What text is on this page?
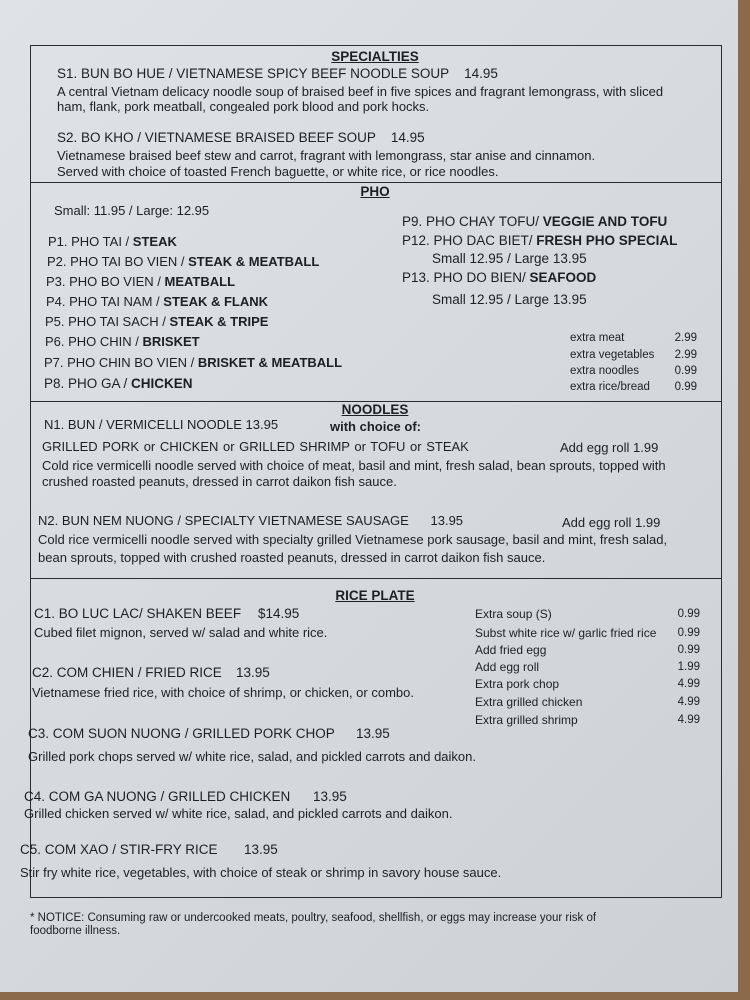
SPECIALTIES
S1. BUN BO HUE / VIETNAMESE SPICY BEEF NOODLE SOUP 14.95
A central Vietnam delicacy noodle soup of braised beef in five spices and fragrant lemongrass, with sliced
ham, flank, pork meatball, congealed pork blood and pork hocks.
S2. BO KHO / VIETNAMESE BRAISED BEEF SOUP 14.95
Vietnamese braised beef stew and carrot, fragrant with lemongrass, star anise and cinnamon.
Served with choice of toasted French baguette, or white rice, or rice noodles.
PHO
Small: 11.95 / Large: 12.95
P1. PHO TAI / STEAK
P2. PHO TAI BO VIEN / STEAK & MEATBALL
P3. PHO BO VIEN / MEATBALL
P4. PHO TAI NAM / STEAK & FLANK
P5. PHO TAI SACH / STEAK & TRIPE
P6. PHO CHIN / BRISKET
P7. PHO CHIN BO VIEN / BRISKET & MEATBALL
P8. PHO GA / CHICKEN
P9. PHO CHAY TOFU/ VEGGIE AND TOFU
P12. PHO DAC BIET/ FRESH PHO SPECIAL
Small 12.95 / Large 13.95
P13. PHO DO BIEN/ SEAFOOD
Small 12.95 / Large 13.95
extra meat	2.99
extra vegetables	2.99
extra noodles	0.99
extra rice/bread	0.99
NOODLES
N1. BUN / VERMICELLI NOODLE 13.95	with choice of:
GRILLED PORK or CHICKEN or GRILLED SHRIMP or TOFU or STEAK	Add egg roll 1.99
Cold rice vermicelli noodle served with choice of meat, basil and mint, fresh salad, bean sprouts, topped with
crushed roasted peanuts, dressed in carrot daikon fish sauce.
N2. BUN NEM NUONG / SPECIALTY VIETNAMESE SAUSAGE 13.95	Add egg roll 1.99
Cold rice vermicelli noodle served with specialty grilled Vietnamese pork sausage, basil and mint, fresh salad,
bean sprouts, topped with crushed roasted peanuts, dressed in carrot daikon fish sauce.
RICE PLATE
C1. BO LUC LAC/ SHAKEN BEEF $14.95
Cubed filet mignon, served w/ salad and white rice.
C2. COM CHIEN / FRIED RICE 13.95
Vietnamese fried rice, with choice of shrimp, or chicken, or combo.
C3. COM SUON NUONG / GRILLED PORK CHOP 13.95
Grilled pork chops served w/ white rice, salad, and pickled carrots and daikon.
C4. COM GA NUONG / GRILLED CHICKEN 13.95
Grilled chicken served w/ white rice, salad, and pickled carrots and daikon.
C5. COM XAO / STIR-FRY RICE 13.95
Stir fry white rice, vegetables, with choice of steak or shrimp in savory house sauce.
Extra soup (S)	0.99
Subst white rice w/ garlic fried rice	0.99
Add fried egg	0.99
Add egg roll	1.99
Extra pork chop	4.99
Extra grilled chicken	4.99
Extra grilled shrimp	4.99
* NOTICE: Consuming raw or undercooked meats, poultry, seafood, shellfish, or eggs may increase your risk of
foodborne illness.
